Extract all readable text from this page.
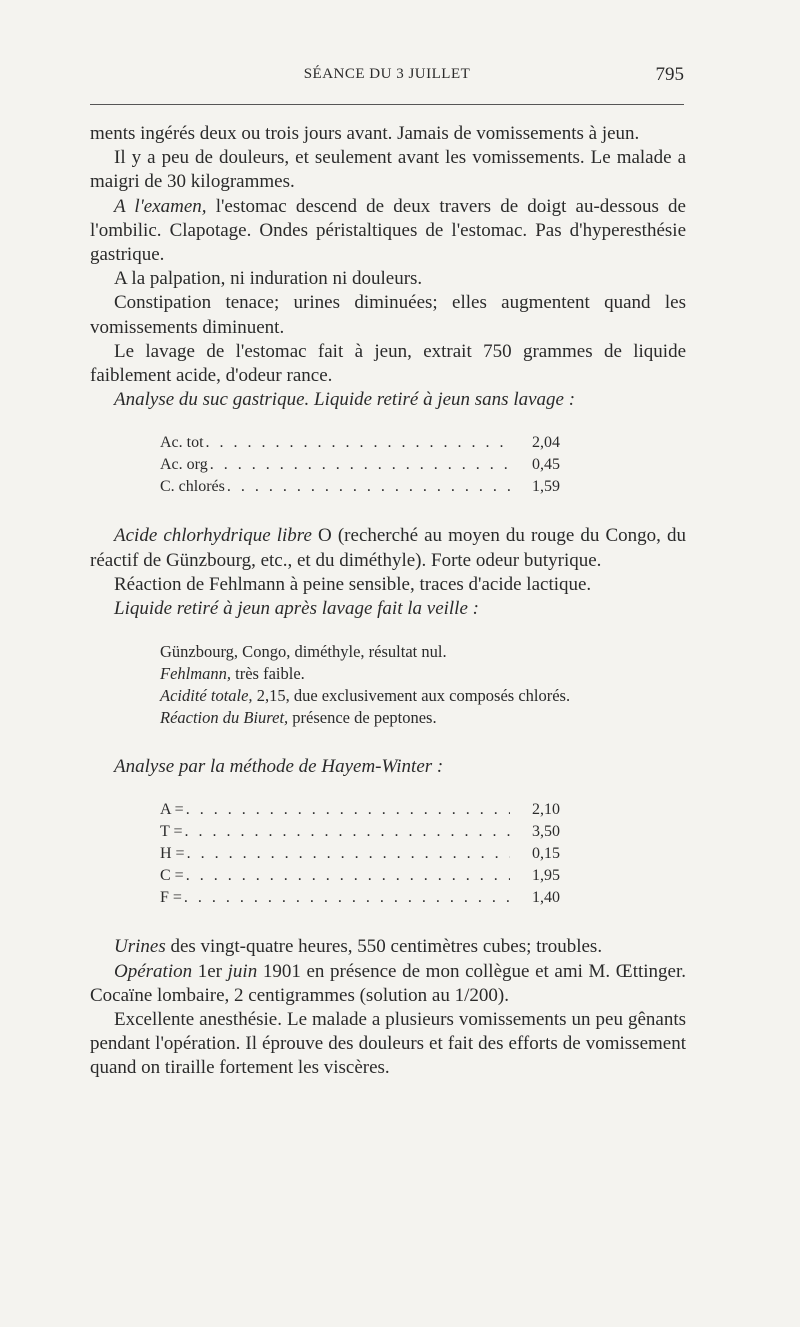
SÉANCE DU 3 JUILLET	795

ments ingérés deux ou trois jours avant. Jamais de vomissements à jeun.

Il y a peu de douleurs, et seulement avant les vomissements. Le malade a maigri de 30 kilogrammes.

A l'examen, l'estomac descend de deux travers de doigt au-dessous de l'ombilic. Clapotage. Ondes péristaltiques de l'estomac. Pas d'hyperesthésie gastrique.

A la palpation, ni induration ni douleurs.

Constipation tenace; urines diminuées; elles augmentent quand les vomissements diminuent.

Le lavage de l'estomac fait à jeun, extrait 750 grammes de liquide faiblement acide, d'odeur rance.

Analyse du suc gastrique. Liquide retiré à jeun sans lavage :

Ac. tot . . .	2,04
Ac. org . . .	0,45
C. chlorés . . .	1,59

Acide chlorhydrique libre O (recherché au moyen du rouge du Congo, du réactif de Günzbourg, etc., et du diméthyle). Forte odeur butyrique.

Réaction de Fehlmann à peine sensible, traces d'acide lactique.

Liquide retiré à jeun après lavage fait la veille :

Günzbourg, Congo, diméthyle, résultat nul.
Fehlmann, très faible.
Acidité totale, 2,15, due exclusivement aux composés chlorés.
Réaction du Biuret, présence de peptones.

Analyse par la méthode de Hayem-Winter :

A = . . .	2,10
T = . . .	3,50
H = . . .	0,15
C = . . .	1,95
F = . . .	1,40

Urines des vingt-quatre heures, 550 centimètres cubes; troubles.

Opération 1er juin 1901 en présence de mon collègue et ami M. Œttinger. Cocaïne lombaire, 2 centigrammes (solution au 1/200).

Excellente anesthésie. Le malade a plusieurs vomissements un peu gênants pendant l'opération. Il éprouve des douleurs et fait des efforts de vomissement quand on tiraille fortement les viscères.
